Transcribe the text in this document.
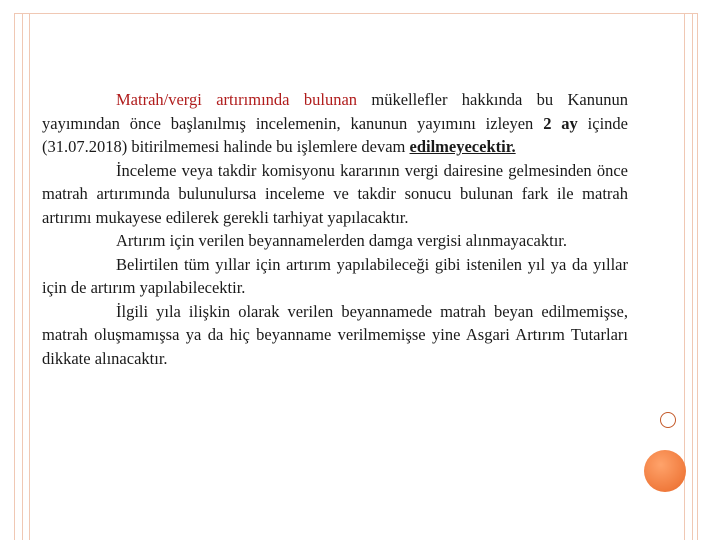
Matrah/vergi artırımında bulunan mükellefler hakkında bu Kanunun yayımından önce başlanılmış incelemenin, kanunun yayımını izleyen 2 ay içinde (31.07.2018) bitirilmemesi halinde bu işlemlere devam edilmeyecektir.

İnceleme veya takdir komisyonu kararının vergi dairesine gelmesinden önce matrah artırımında bulunulursa inceleme ve takdir sonucu bulunan fark ile matrah artırımı mukayese edilerek gerekli tarhiyat yapılacaktır.

Artırım için verilen beyannamelerden damga vergisi alınmayacaktır.

Belirtilen tüm yıllar için artırım yapılabileceği gibi istenilen yıl ya da yıllar için de artırım yapılabilecektir.

İlgili yıla ilişkin olarak verilen beyannamede matrah beyan edilmemişse, matrah oluşmamışsa ya da hiç beyanname verilmemişse yine Asgari Artırım Tutarları dikkate alınacaktır.
